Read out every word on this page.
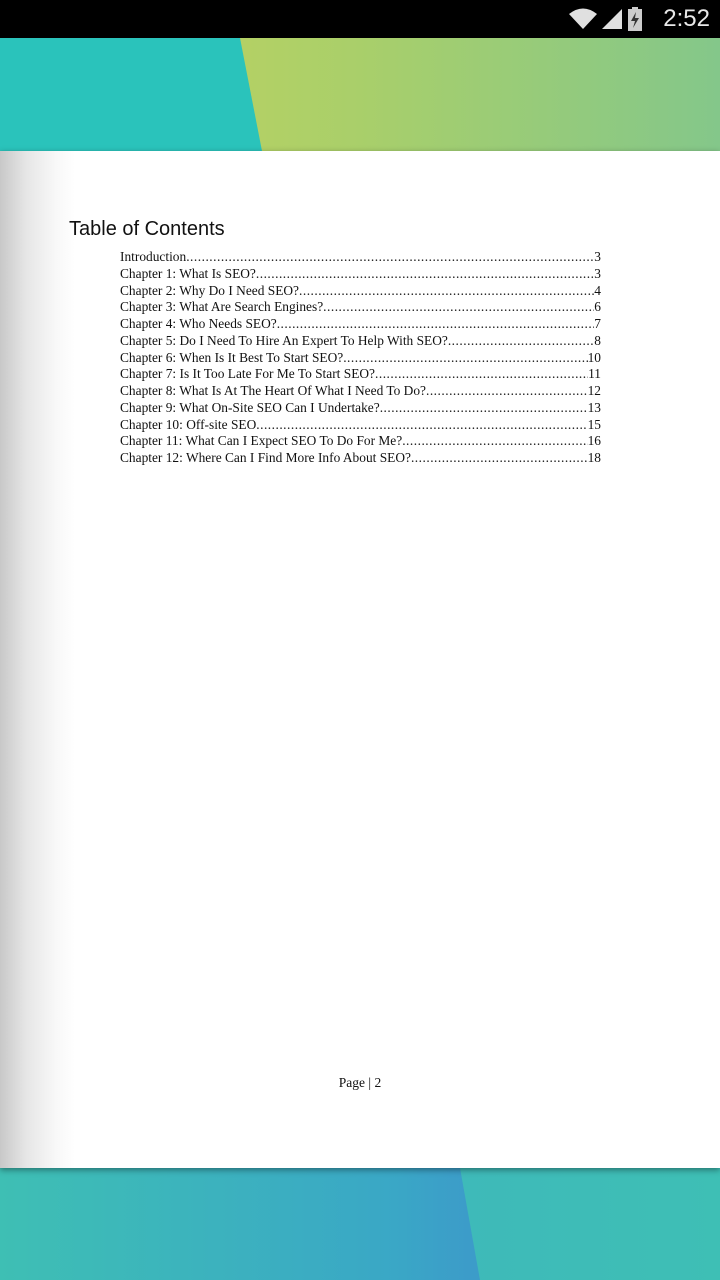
2:52
Table of Contents
Introduction .....	3
Chapter 1: What Is SEO? .....	3
Chapter 2: Why Do I Need SEO? .....	4
Chapter 3: What Are Search Engines? .....	6
Chapter 4: Who Needs SEO? .....	7
Chapter 5: Do I Need To Hire An Expert To Help With SEO? .....	8
Chapter 6: When Is It Best To Start SEO? .....	10
Chapter 7: Is It Too Late For Me To Start SEO? .....	11
Chapter 8: What Is At The Heart Of What I Need To Do? .....	12
Chapter 9: What On-Site SEO Can I Undertake? .....	13
Chapter 10: Off-site SEO .....	15
Chapter 11: What Can I Expect SEO To Do For Me? .....	16
Chapter 12: Where Can I Find More Info About SEO? .....	18
Page | 2
